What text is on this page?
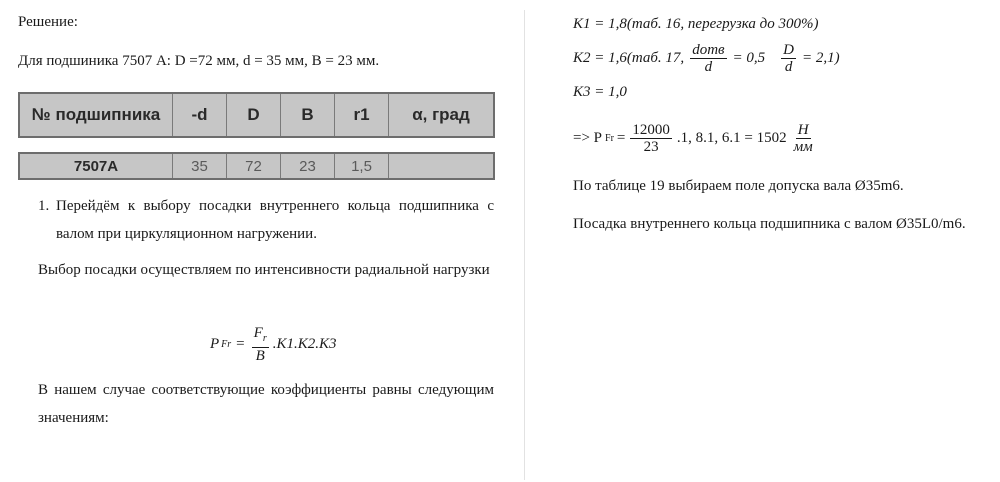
Решение:
Для подшиника 7507 А: D =72 мм, d = 35 мм, B = 23 мм.
№ подшипника	-d	D	B	r1	α, град
7507A	35	72	23	1,5
1. Перейдём к выбору посадки внутреннего кольца подшипника с валом при циркуляционном нагружении.
Выбор посадки осуществляем по интенсивности радиальной нагрузки
P $Fr = \frac{F_r}{B} .K1.K2.K3$
В нашем случае соответствующие коэффициенты равны следующим значениям:
K1 = 1,8(таб. 16, перегрузка до 300%)
K2 = 1,6(таб. 17, dотв
d
= $0,5 \frac{D}{d} = 2,1$)
K3 = 1,0
=> P $Fr = \frac{12000}{23} .1$, 8.1, 6.1 = 1502 H
мм
По таблице 19 выбираем поле допуска вала Ø35m6.
Посадка внутреннего кольца подшипника с валом Ø35L0/m6.
